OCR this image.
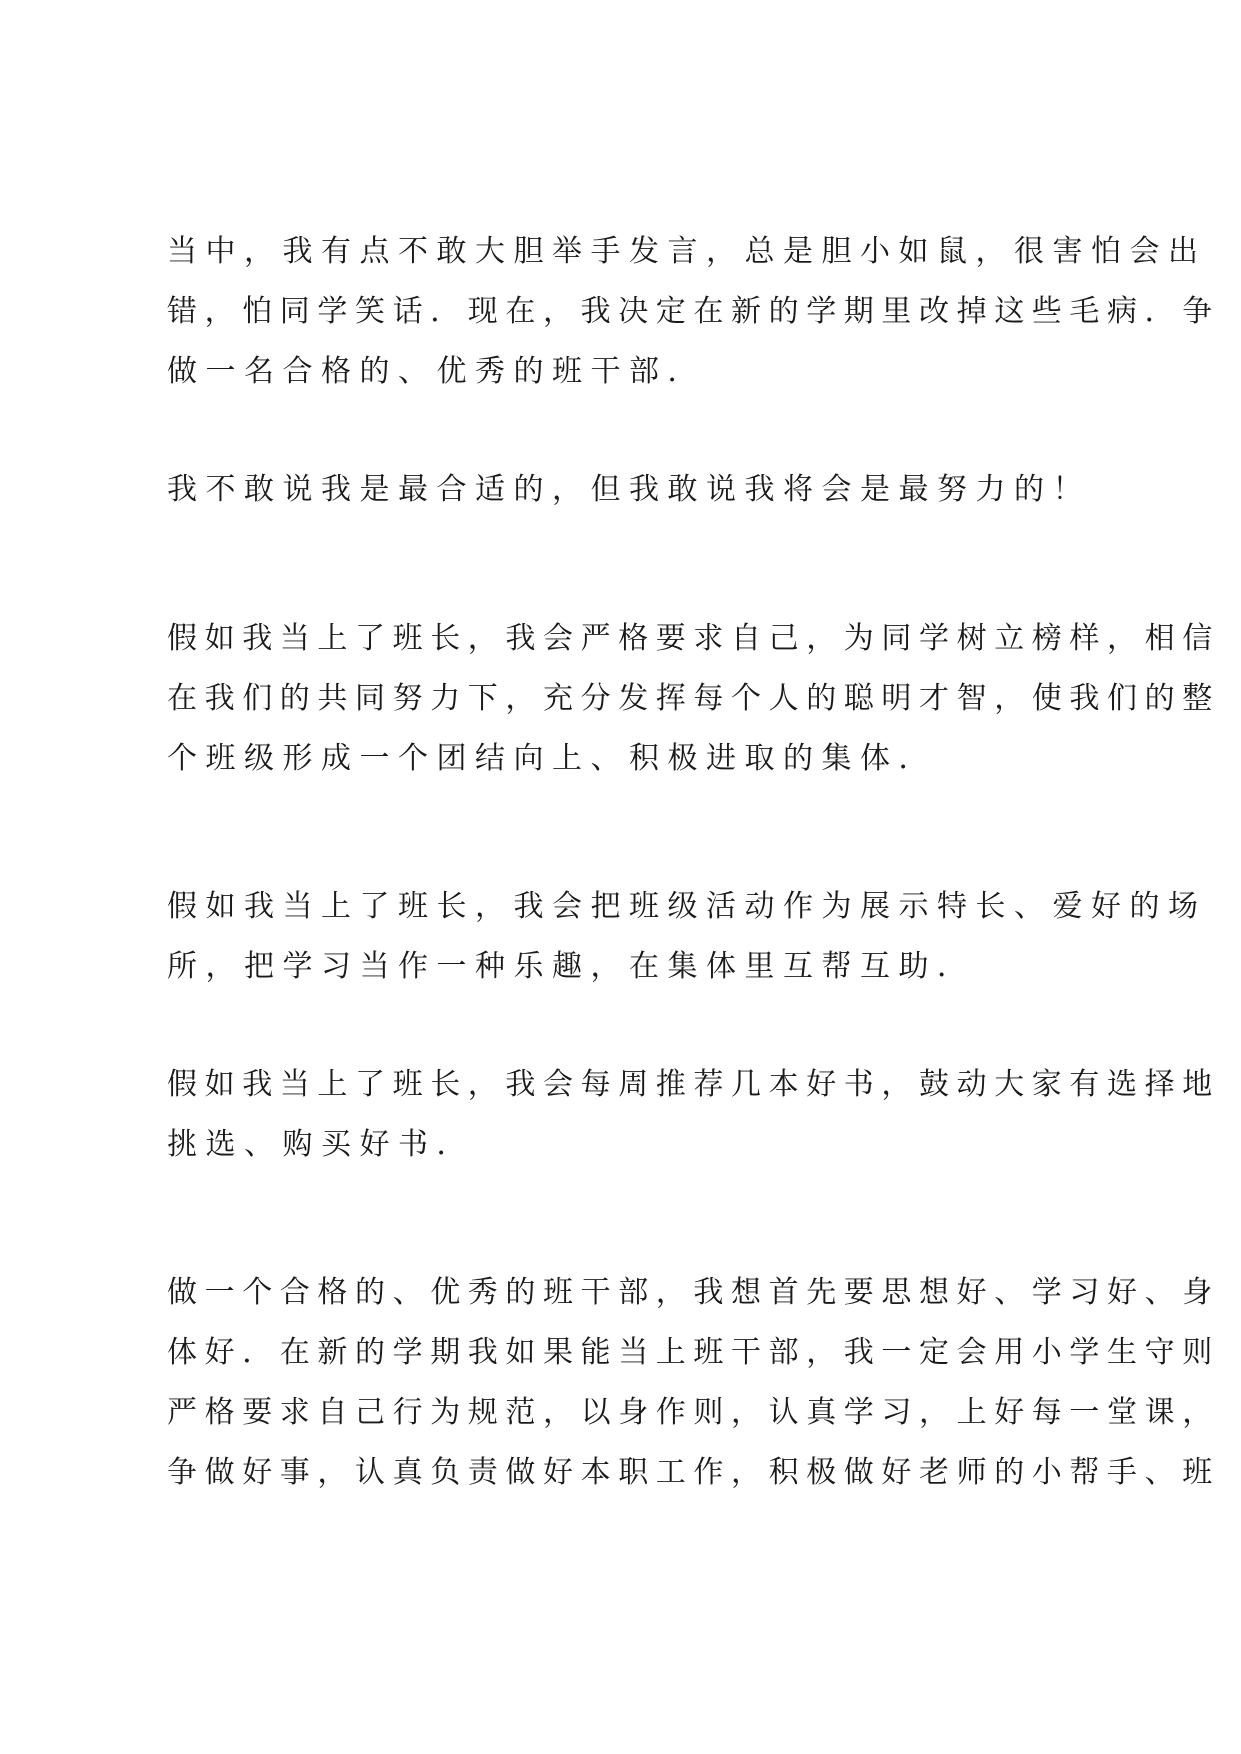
当中，我有点不敢大胆举手发言，总是胆小如鼠，很害怕会出

错，怕同学笑话．现在，我决定在新的学期里改掉这些毛病．争

做一名合格的、优秀的班干部．

我不敢说我是最合适的，但我敢说我将会是最努力的！

假如我当上了班长，我会严格要求自己，为同学树立榜样，相信

在我们的共同努力下，充分发挥每个人的聪明才智，使我们的整

个班级形成一个团结向上、积极进取的集体．

假如我当上了班长，我会把班级活动作为展示特长、爱好的场

所，把学习当作一种乐趣，在集体里互帮互助．

假如我当上了班长，我会每周推荐几本好书，鼓动大家有选择地

挑选、购买好书．

做一个合格的、优秀的班干部，我想首先要思想好、学习好、身

体好．在新的学期我如果能当上班干部，我一定会用小学生守则

严格要求自己行为规范，以身作则，认真学习，上好每一堂课，

争做好事，认真负责做好本职工作，积极做好老师的小帮手、班
